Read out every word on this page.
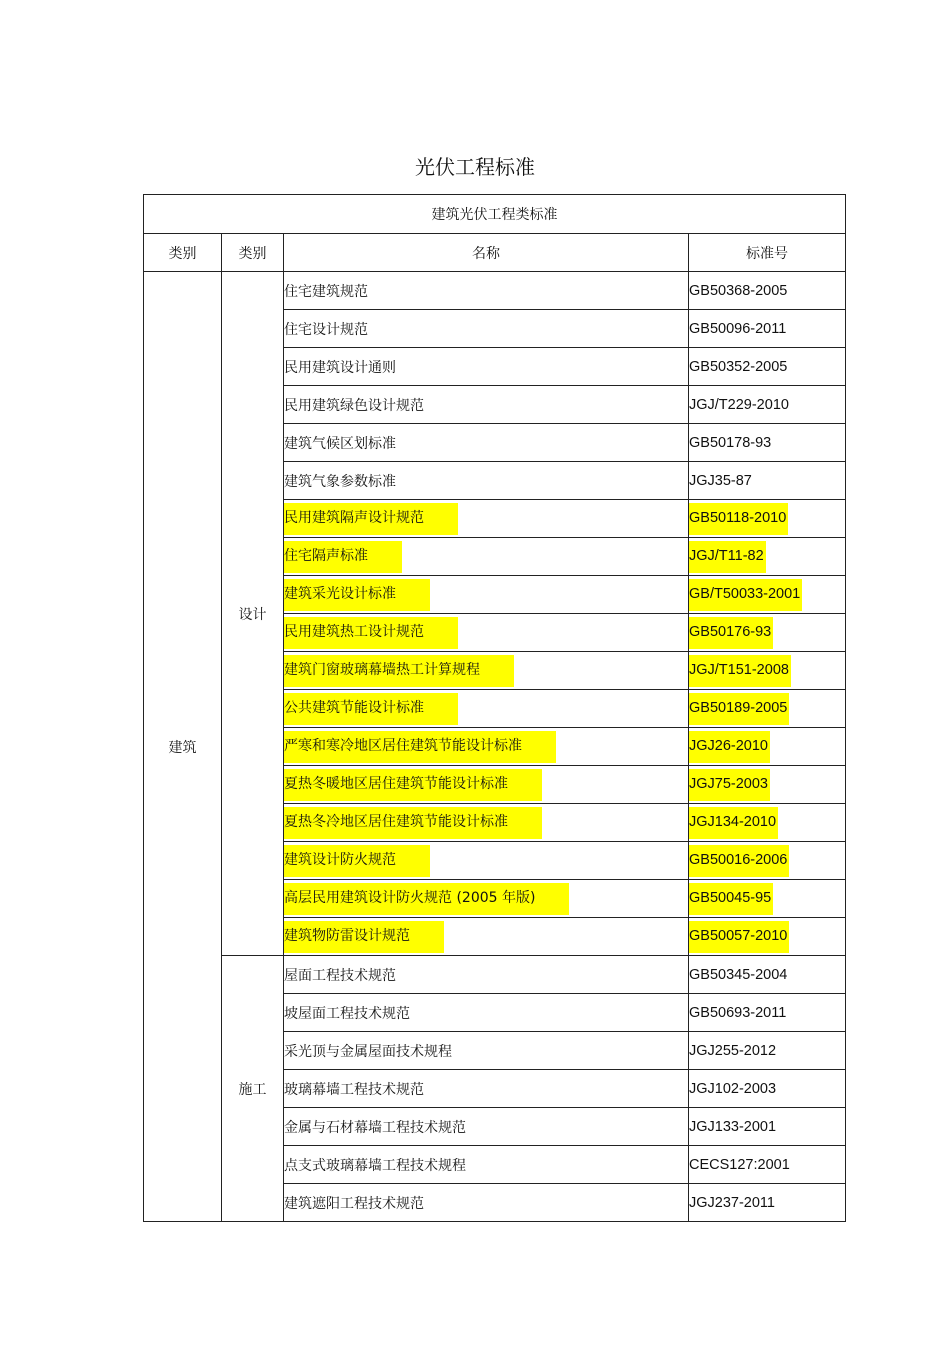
光伏工程标准
建筑光伏工程类标准			
类别	类别	名称	标准号
建筑	设计	住宅建筑规范	GB50368-2005
		住宅设计规范	GB50096-2011
		民用建筑设计通则	GB50352-2005
		民用建筑绿色设计规范	JGJ/T229-2010
		建筑气候区划标准	GB50178-93
		建筑气象参数标准	JGJ35-87
		民用建筑隔声设计规范	GB50118-2010
		住宅隔声标准	JGJ/T11-82
		建筑采光设计标准	GB/T50033-2001
		民用建筑热工设计规范	GB50176-93
		建筑门窗玻璃幕墙热工计算规程	JGJ/T151-2008
		公共建筑节能设计标准	GB50189-2005
		严寒和寒冷地区居住建筑节能设计标准	JGJ26-2010
		夏热冬暖地区居住建筑节能设计标准	JGJ75-2003
		夏热冬冷地区居住建筑节能设计标准	JGJ134-2010
		建筑设计防火规范	GB50016-2006
		高层民用建筑设计防火规范 (2005 年版)	GB50045-95
		建筑物防雷设计规范	GB50057-2010
	施工	屋面工程技术规范	GB50345-2004
		坡屋面工程技术规范	GB50693-2011
		采光顶与金属屋面技术规程	JGJ255-2012
		玻璃幕墙工程技术规范	JGJ102-2003
		金属与石材幕墙工程技术规范	JGJ133-2001
		点支式玻璃幕墙工程技术规程	CECS127:2001
		建筑遮阳工程技术规范	JGJ237-2011
